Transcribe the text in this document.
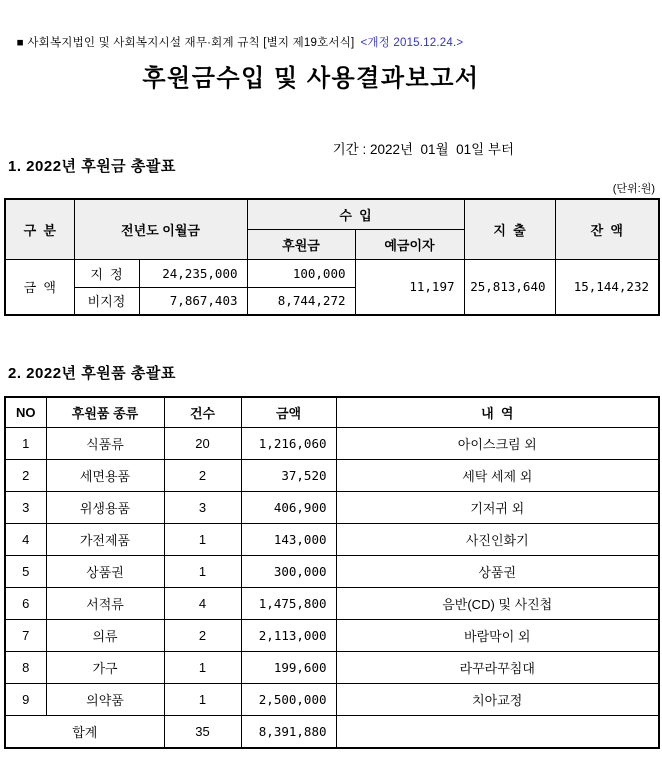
■ 사회복지법인 및 사회복지시설 재무·회계 규칙 [별지 제19호서식] <개정 2015.12.24.>

후원금수입 및 사용결과보고서

기간 : 2022년  01월  01일 부터

1. 2022년 후원금 총괄표
(단위:원)
구  분	전년도 이월금		수  입		지  출	잔  액
			후원금	예금이자		
금  액	지  정	24,235,000	100,000	11,197	25,813,640	15,144,232
	비지정	7,867,403	8,744,272			
2. 2022년 후원품 총괄표
NO	후원품 종류	건수	금액	내  역
1	식품류	20	1,216,060	아이스크림 외
2	세면용품	2	37,520	세탁 세제 외
3	위생용품	3	406,900	기저귀 외
4	가전제품	1	143,000	사진인화기
5	상품권	1	300,000	상품권
6	서적류	4	1,475,800	음반(CD) 및 사진첩
7	의류	2	2,113,000	바람막이 외
8	가구	1	199,600	라꾸라꾸침대
9	의약품	1	2,500,000	치아교정
합계		35	8,391,880	
